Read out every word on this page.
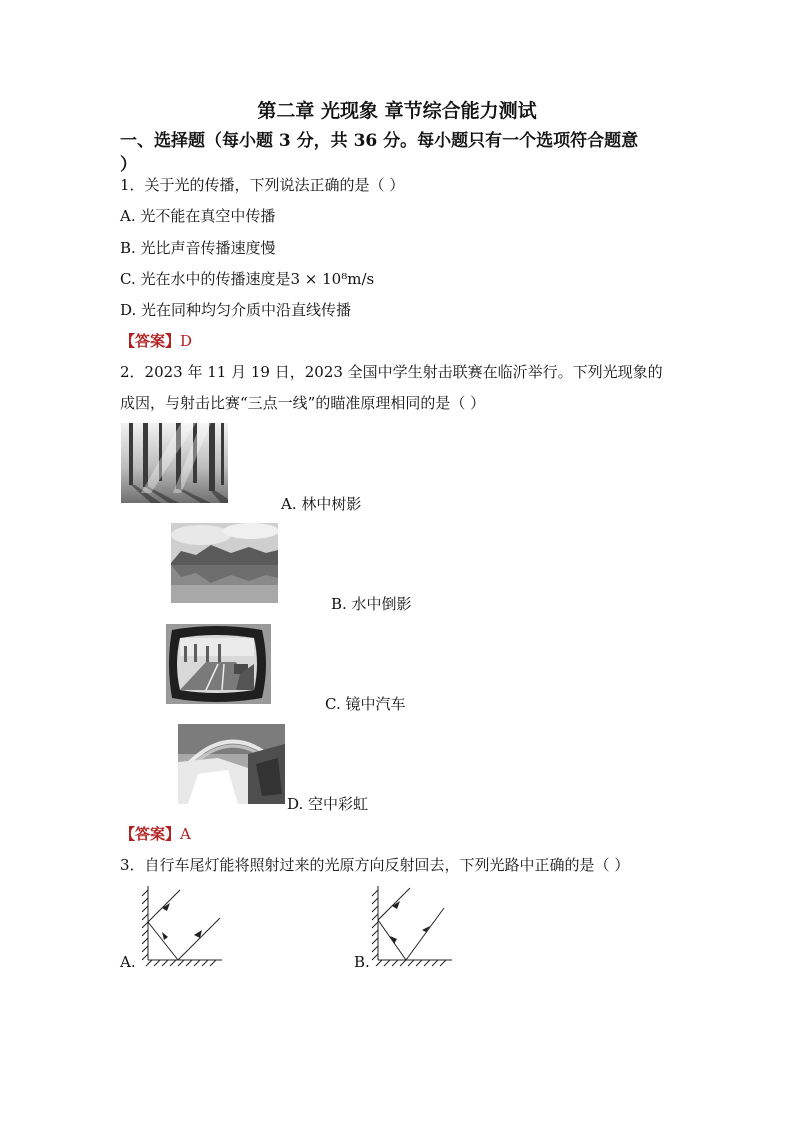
第二章 光现象 章节综合能力测试
一、选择题（每小题 3 分，共 36 分。每小题只有一个选项符合题意
）
1．关于光的传播，下列说法正确的是（ ）
A. 光不能在真空中传播
B. 光比声音传播速度慢
C. 光在水中的传播速度是3 × 10⁸m/s
D. 光在同种均匀介质中沿直线传播
【答案】D
2．2023 年 11 月 19 日，2023 全国中学生射击联赛在临沂举行。下列光现象的
成因，与射击比赛“三点一线”的瞄准原理相同的是（ ）
A. 林中树影
B. 水中倒影
C. 镜中汽车
D. 空中彩虹
【答案】A
3．自行车尾灯能将照射过来的光原方向反射回去，下列光路中正确的是（ ）
A.	B.
